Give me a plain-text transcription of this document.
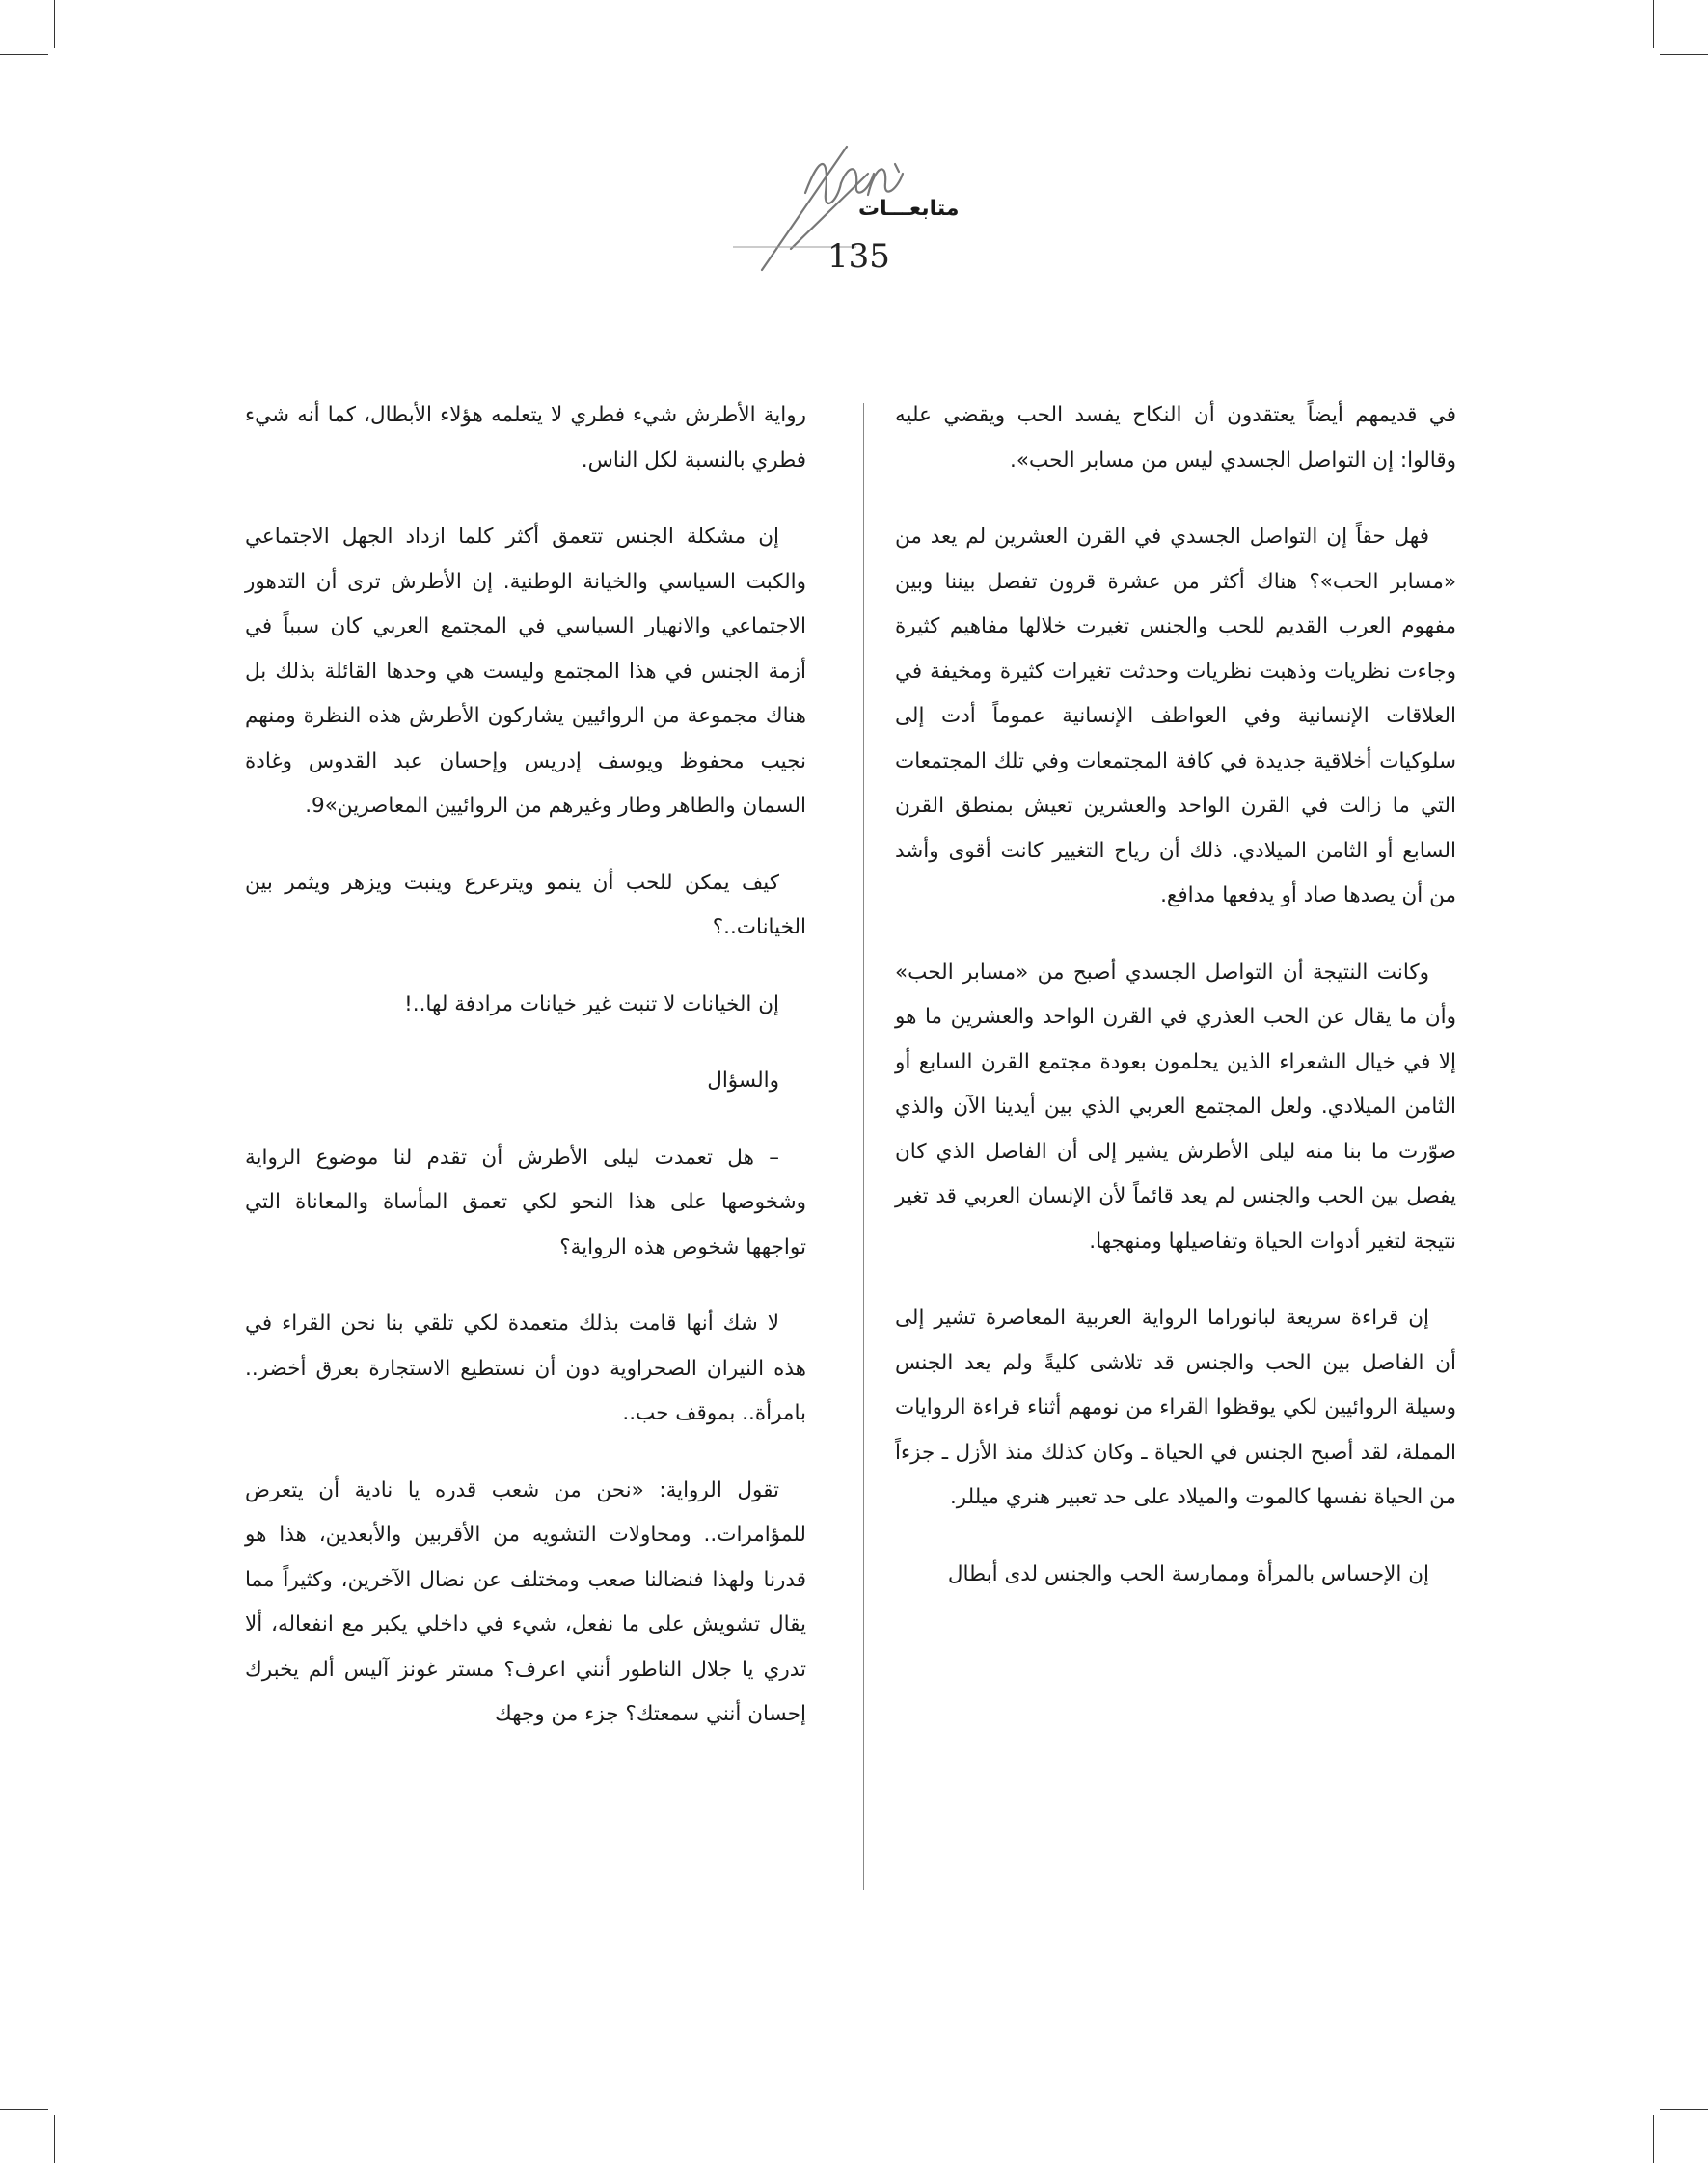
متابعـــات
135

في قديمهم أيضاً يعتقدون أن النكاح يفسد الحب ويقضي عليه وقالوا: إن التواصل الجسدي ليس من مسابر الحب».

فهل حقاً إن التواصل الجسدي في القرن العشرين لم يعد من «مسابر الحب»؟ هناك أكثر من عشرة قرون تفصل بيننا وبين مفهوم العرب القديم للحب والجنس تغيرت خلالها مفاهيم كثيرة وجاءت نظريات وذهبت نظريات وحدثت تغيرات كثيرة ومخيفة في العلاقات الإنسانية وفي العواطف الإنسانية عموماً أدت إلى سلوكيات أخلاقية جديدة في كافة المجتمعات وفي تلك المجتمعات التي ما زالت في القرن الواحد والعشرين تعيش بمنطق القرن السابع أو الثامن الميلادي. ذلك أن رياح التغيير كانت أقوى وأشد من أن يصدها صاد أو يدفعها مدافع.

وكانت النتيجة أن التواصل الجسدي أصبح من «مسابر الحب» وأن ما يقال عن الحب العذري في القرن الواحد والعشرين ما هو إلا في خيال الشعراء الذين يحلمون بعودة مجتمع القرن السابع أو الثامن الميلادي. ولعل المجتمع العربي الذي بين أيدينا الآن والذي صوّرت ما بنا منه ليلى الأطرش يشير إلى أن الفاصل الذي كان يفصل بين الحب والجنس لم يعد قائماً لأن الإنسان العربي قد تغير نتيجة لتغير أدوات الحياة وتفاصيلها ومنهجها.

إن قراءة سريعة لبانوراما الرواية العربية المعاصرة تشير إلى أن الفاصل بين الحب والجنس قد تلاشى كليةً ولم يعد الجنس وسيلة الروائيين لكي يوقظوا القراء من نومهم أثناء قراءة الروايات المملة، لقد أصبح الجنس في الحياة ـ وكان كذلك منذ الأزل ـ جزءاً من الحياة نفسها كالموت والميلاد على حد تعبير هنري ميللر.

إن الإحساس بالمرأة وممارسة الحب والجنس لدى أبطال

رواية الأطرش شيء فطري لا يتعلمه هؤلاء الأبطال، كما أنه شيء فطري بالنسبة لكل الناس.

إن مشكلة الجنس تتعمق أكثر كلما ازداد الجهل الاجتماعي والكبت السياسي والخيانة الوطنية. إن الأطرش ترى أن التدهور الاجتماعي والانهيار السياسي في المجتمع العربي كان سبباً في أزمة الجنس في هذا المجتمع وليست هي وحدها القائلة بذلك بل هناك مجموعة من الروائيين يشاركون الأطرش هذه النظرة ومنهم نجيب محفوظ ويوسف إدريس وإحسان عبد القدوس وغادة السمان والطاهر وطار وغيرهم من الروائيين المعاصرين»9.

كيف يمكن للحب أن ينمو ويترعرع وينبت ويزهر ويثمر بين الخيانات..؟

إن الخيانات لا تنبت غير خيانات مرادفة لها..!

والسؤال

– هل تعمدت ليلى الأطرش أن تقدم لنا موضوع الرواية وشخوصها على هذا النحو لكي تعمق المأساة والمعاناة التي تواجهها شخوص هذه الرواية؟

لا شك أنها قامت بذلك متعمدة لكي تلقي بنا نحن القراء في هذه النيران الصحراوية دون أن نستطيع الاستجارة بعرق أخضر.. بامرأة.. بموقف حب..

تقول الرواية: «نحن من شعب قدره يا نادية أن يتعرض للمؤامرات.. ومحاولات التشويه من الأقربين والأبعدين، هذا هو قدرنا ولهذا فنضالنا صعب ومختلف عن نضال الآخرين، وكثيراً مما يقال تشويش على ما نفعل، شيء في داخلي يكبر مع انفعاله، ألا تدري يا جلال الناطور أنني اعرف؟ مستر غونز آليس ألم يخبرك إحسان أنني سمعتك؟ جزء من وجهك
